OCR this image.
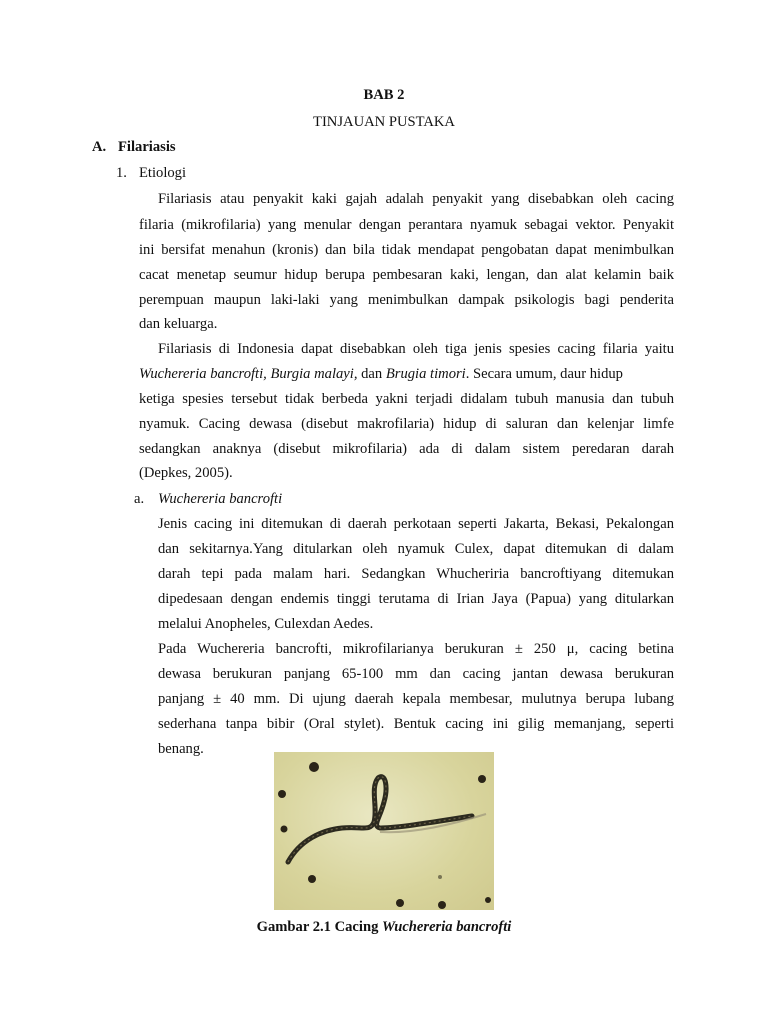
BAB 2
TINJAUAN PUSTAKA
A. Filariasis
1. Etiologi
Filariasis atau penyakit kaki gajah adalah penyakit yang disebabkan oleh cacing
filaria (mikrofilaria) yang menular dengan perantara nyamuk sebagai vektor. Penyakit
ini bersifat menahun (kronis) dan bila tidak mendapat pengobatan dapat menimbulkan
cacat menetap seumur hidup berupa pembesaran kaki, lengan, dan alat kelamin baik
perempuan maupun laki-laki yang menimbulkan dampak psikologis bagi penderita
dan keluarga.
Filariasis di Indonesia dapat disebabkan oleh tiga jenis spesies cacing filaria yaitu
Wuchereria bancrofti, Burgia malayi, dan Brugia timori. Secara umum, daur hidup
ketiga spesies tersebut tidak berbeda yakni terjadi didalam tubuh manusia dan tubuh
nyamuk. Cacing dewasa (disebut makrofilaria) hidup di saluran dan kelenjar limfe
sedangkan anaknya (disebut mikrofilaria) ada di dalam sistem peredaran darah
(Depkes, 2005).
a. Wuchereria bancrofti
Jenis cacing ini ditemukan di daerah perkotaan seperti Jakarta, Bekasi, Pekalongan
dan sekitarnya.Yang ditularkan oleh nyamuk Culex, dapat ditemukan di dalam
darah tepi pada malam hari. Sedangkan Whucheriria bancroftiyang ditemukan
dipedesaan dengan endemis tinggi terutama di Irian Jaya (Papua) yang ditularkan
melalui Anopheles, Culexdan Aedes.
Pada Wuchereria bancrofti, mikrofilarianya berukuran ± 250 μ, cacing betina
dewasa berukuran panjang 65-100 mm dan cacing jantan dewasa berukuran
panjang ± 40 mm. Di ujung daerah kepala membesar, mulutnya berupa lubang
sederhana tanpa bibir (Oral stylet). Bentuk cacing ini gilig memanjang, seperti
benang.
Gambar 2.1 Cacing Wuchereria bancrofti
